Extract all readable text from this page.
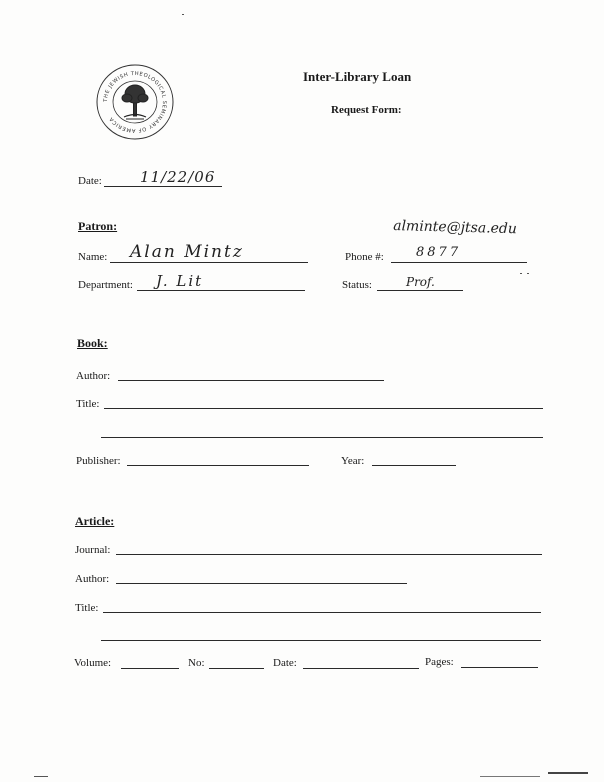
THE JEWISH THEOLOGICAL SEMINARY OF AMERICA
Inter-Library Loan
Request Form:
Date:	11/22/06
Patron:	alminte@jtsa.edu
Name: Alan Mintz	Phone #: 8877
Department: J. Lit	Status:	Prof.
Book:
Author:
Title:
Publisher:	Year:
Article:
Journal:
Author:
Title:
Volume:	No:	Date:	Pages:
